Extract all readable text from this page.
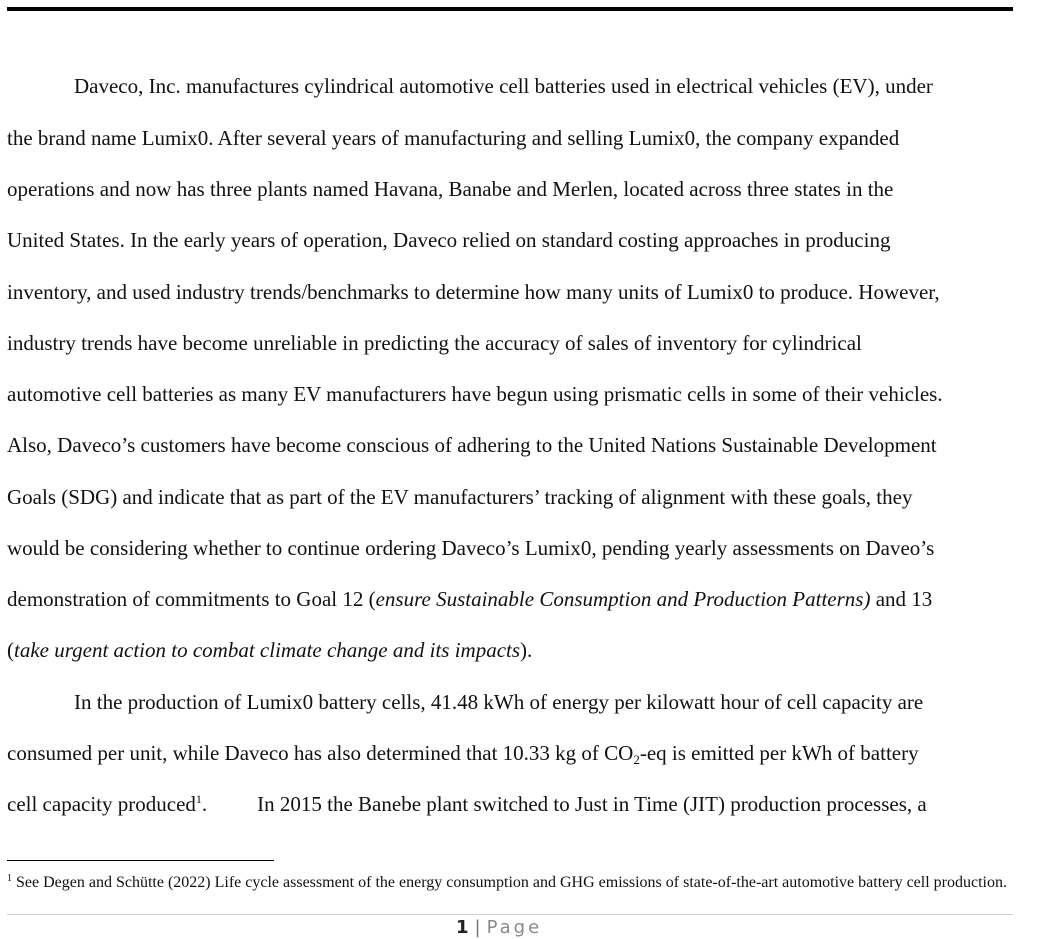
Daveco, Inc. manufactures cylindrical automotive cell batteries used in electrical vehicles (EV), under
the brand name Lumix0. After several years of manufacturing and selling Lumix0, the company expanded
operations and now has three plants named Havana, Banabe and Merlen, located across three states in the
United States. In the early years of operation, Daveco relied on standard costing approaches in producing
inventory, and used industry trends/benchmarks to determine how many units of Lumix0 to produce. However,
industry trends have become unreliable in predicting the accuracy of sales of inventory for cylindrical
automotive cell batteries as many EV manufacturers have begun using prismatic cells in some of their vehicles.
Also, Daveco’s customers have become conscious of adhering to the United Nations Sustainable Development
Goals (SDG) and indicate that as part of the EV manufacturers’ tracking of alignment with these goals, they
would be considering whether to continue ordering Daveco’s Lumix0, pending yearly assessments on Daveo’s
demonstration of commitments to Goal 12 (ensure Sustainable Consumption and Production Patterns) and 13
(take urgent action to combat climate change and its impacts).
In the production of Lumix0 battery cells, 41.48 kWh of energy per kilowatt hour of cell capacity are
consumed per unit, while Daveco has also determined that 10.33 kg of CO2-eq is emitted per kWh of battery
cell capacity produced$^1$. In 2015 the Banebe plant switched to Just in Time (JIT) production processes, a
$^1$ See Degen and Schütte (2022) Life cycle assessment of the energy consumption and GHG emissions of state-of-the-art automotive battery cell production.
1 | Page
